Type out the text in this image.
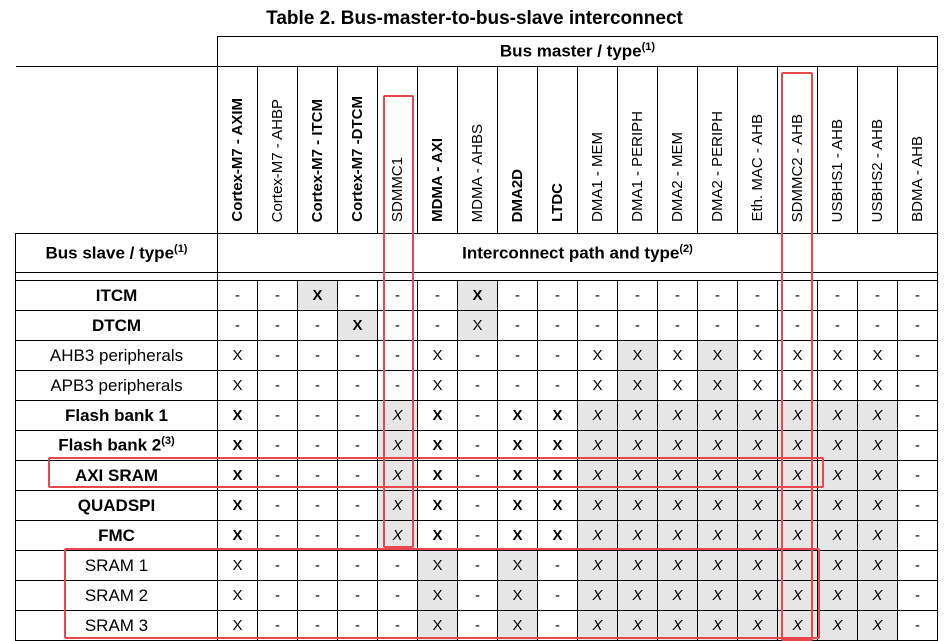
Table 2. Bus-master-to-bus-slave interconnect
	Bus master / type$^{(1)}$
	Cortex-M7 - AXIM	Cortex-M7 - AHBP	Cortex-M7 - ITCM	Cortex-M7 -DTCM	SDMMC1	MDMA - AXI	MDMA - AHBS	DMA2D	LTDC	DMA1 - MEM	DMA1 - PERIPH	DMA2 - MEM	DMA2 - PERIPH	Eth. MAC - AHB	SDMMC2 - AHB	USBHS1 - AHB	USBHS2 - AHB	BDMA - AHB
Bus slave / type$^{(1)}$	Interconnect path and type$^{(2)}$

ITCM	-	-	X	-	-	-	X	-	-	-	-	-	-	-	-	-	-	-
DTCM	-	-	-	X	-	-	X	-	-	-	-	-	-	-	-	-	-	-
AHB3 peripherals	X	-	-	-	-	X	-	-	-	X	X	X	X	X	X	X	X	-
APB3 peripherals	X	-	-	-	-	X	-	-	-	X	X	X	X	X	X	X	X	-
Flash bank 1	X	-	-	-	X	X	-	X	X	X	X	X	X	X	X	X	X	-
Flash bank 2$^{(3)}$	X	-	-	-	X	X	-	X	X	X	X	X	X	X	X	X	X	-
AXI SRAM	X	-	-	-	X	X	-	X	X	X	X	X	X	X	X	X	X	-
QUADSPI	X	-	-	-	X	X	-	X	X	X	X	X	X	X	X	X	X	-
FMC	X	-	-	-	X	X	-	X	X	X	X	X	X	X	X	X	X	-
SRAM 1	X	-	-	-	-	X	-	X	-	X	X	X	X	X	X	X	X	-
SRAM 2	X	-	-	-	-	X	-	X	-	X	X	X	X	X	X	X	X	-
SRAM 3	X	-	-	-	-	X	-	X	-	X	X	X	X	X	X	X	X	-
